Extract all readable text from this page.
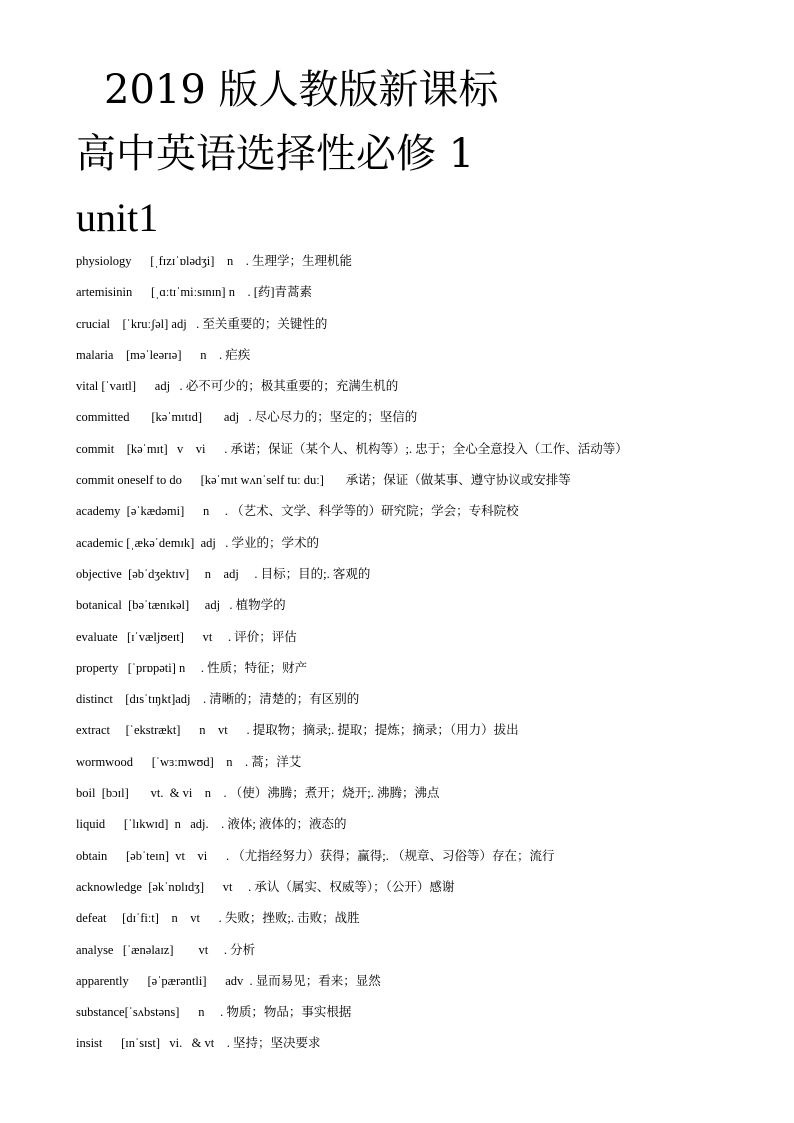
2019 版人教版新课标
高中英语选择性必修 1
unit1
physiology      [ˌfɪzɪˈɒlədʒi]    n    . 生理学；生理机能
artemisinin      [ˌɑːtɪˈmiːsɪnɪn] n    . [药]青蒿素
crucial    [ˈkruːʃəl] adj   . 至关重要的；关键性的
malaria    [məˈleərɪə]      n    . 疟疾
vital [ˈvaɪtl]      adj   . 必不可少的；极其重要的；充满生机的
committed       [kəˈmɪtɪd]       adj   . 尽心尽力的；坚定的；坚信的
commit    [kəˈmɪt]   v    vi      . 承诺；保证（某个人、机构等）;. 忠于；全心全意投入（工作、活动等）
commit oneself to do      [kəˈmɪt wʌnˈself tuː duː]       承诺；保证（做某事、遵守协议或安排等
academy  [əˈkædəmi]      n     . （艺术、文学、科学等的）研究院；学会；专科院校
academic [ˌækəˈdemɪk]  adj   . 学业的；学术的
objective  [əbˈdʒektɪv]     n    adj     . 目标；目的;. 客观的
botanical  [bəˈtænɪkəl]     adj   . 植物学的
evaluate   [ɪˈvæljʊeɪt]      vt     . 评价；评估
property   [ˈprɒpəti] n     . 性质；特征；财产
distinct    [dɪsˈtɪŋkt]adj    . 清晰的；清楚的；有区别的
extract     [ˈekstrækt]      n    vt      . 提取物；摘录;. 提取；提炼；摘录；（用力）拔出
wormwood      [ˈwɜːmwʊd]    n    . 蒿；洋艾
boil  [bɔɪl]       vt.  & vi    n    . （使）沸腾；煮开；烧开;. 沸腾；沸点
liquid      [ˈlɪkwɪd]  n   adj.    . 液体; 液体的；液态的
obtain      [əbˈteɪn]  vt    vi      . （尤指经努力）获得；赢得;. （规章、习俗等）存在；流行
acknowledge  [əkˈnɒlɪdʒ]      vt     . 承认（属实、权威等）；（公开）感谢
defeat     [dɪˈfiːt]    n    vt      . 失败；挫败;. 击败；战胜
analyse   [ˈænəlaɪz]        vt     . 分析
apparently      [əˈpærəntli]      adv  . 显而易见；看来；显然
substance[ˈsʌbstəns]      n     . 物质；物品；事实根据
insist      [ɪnˈsɪst]   vi.   & vt    . 坚持；坚决要求
